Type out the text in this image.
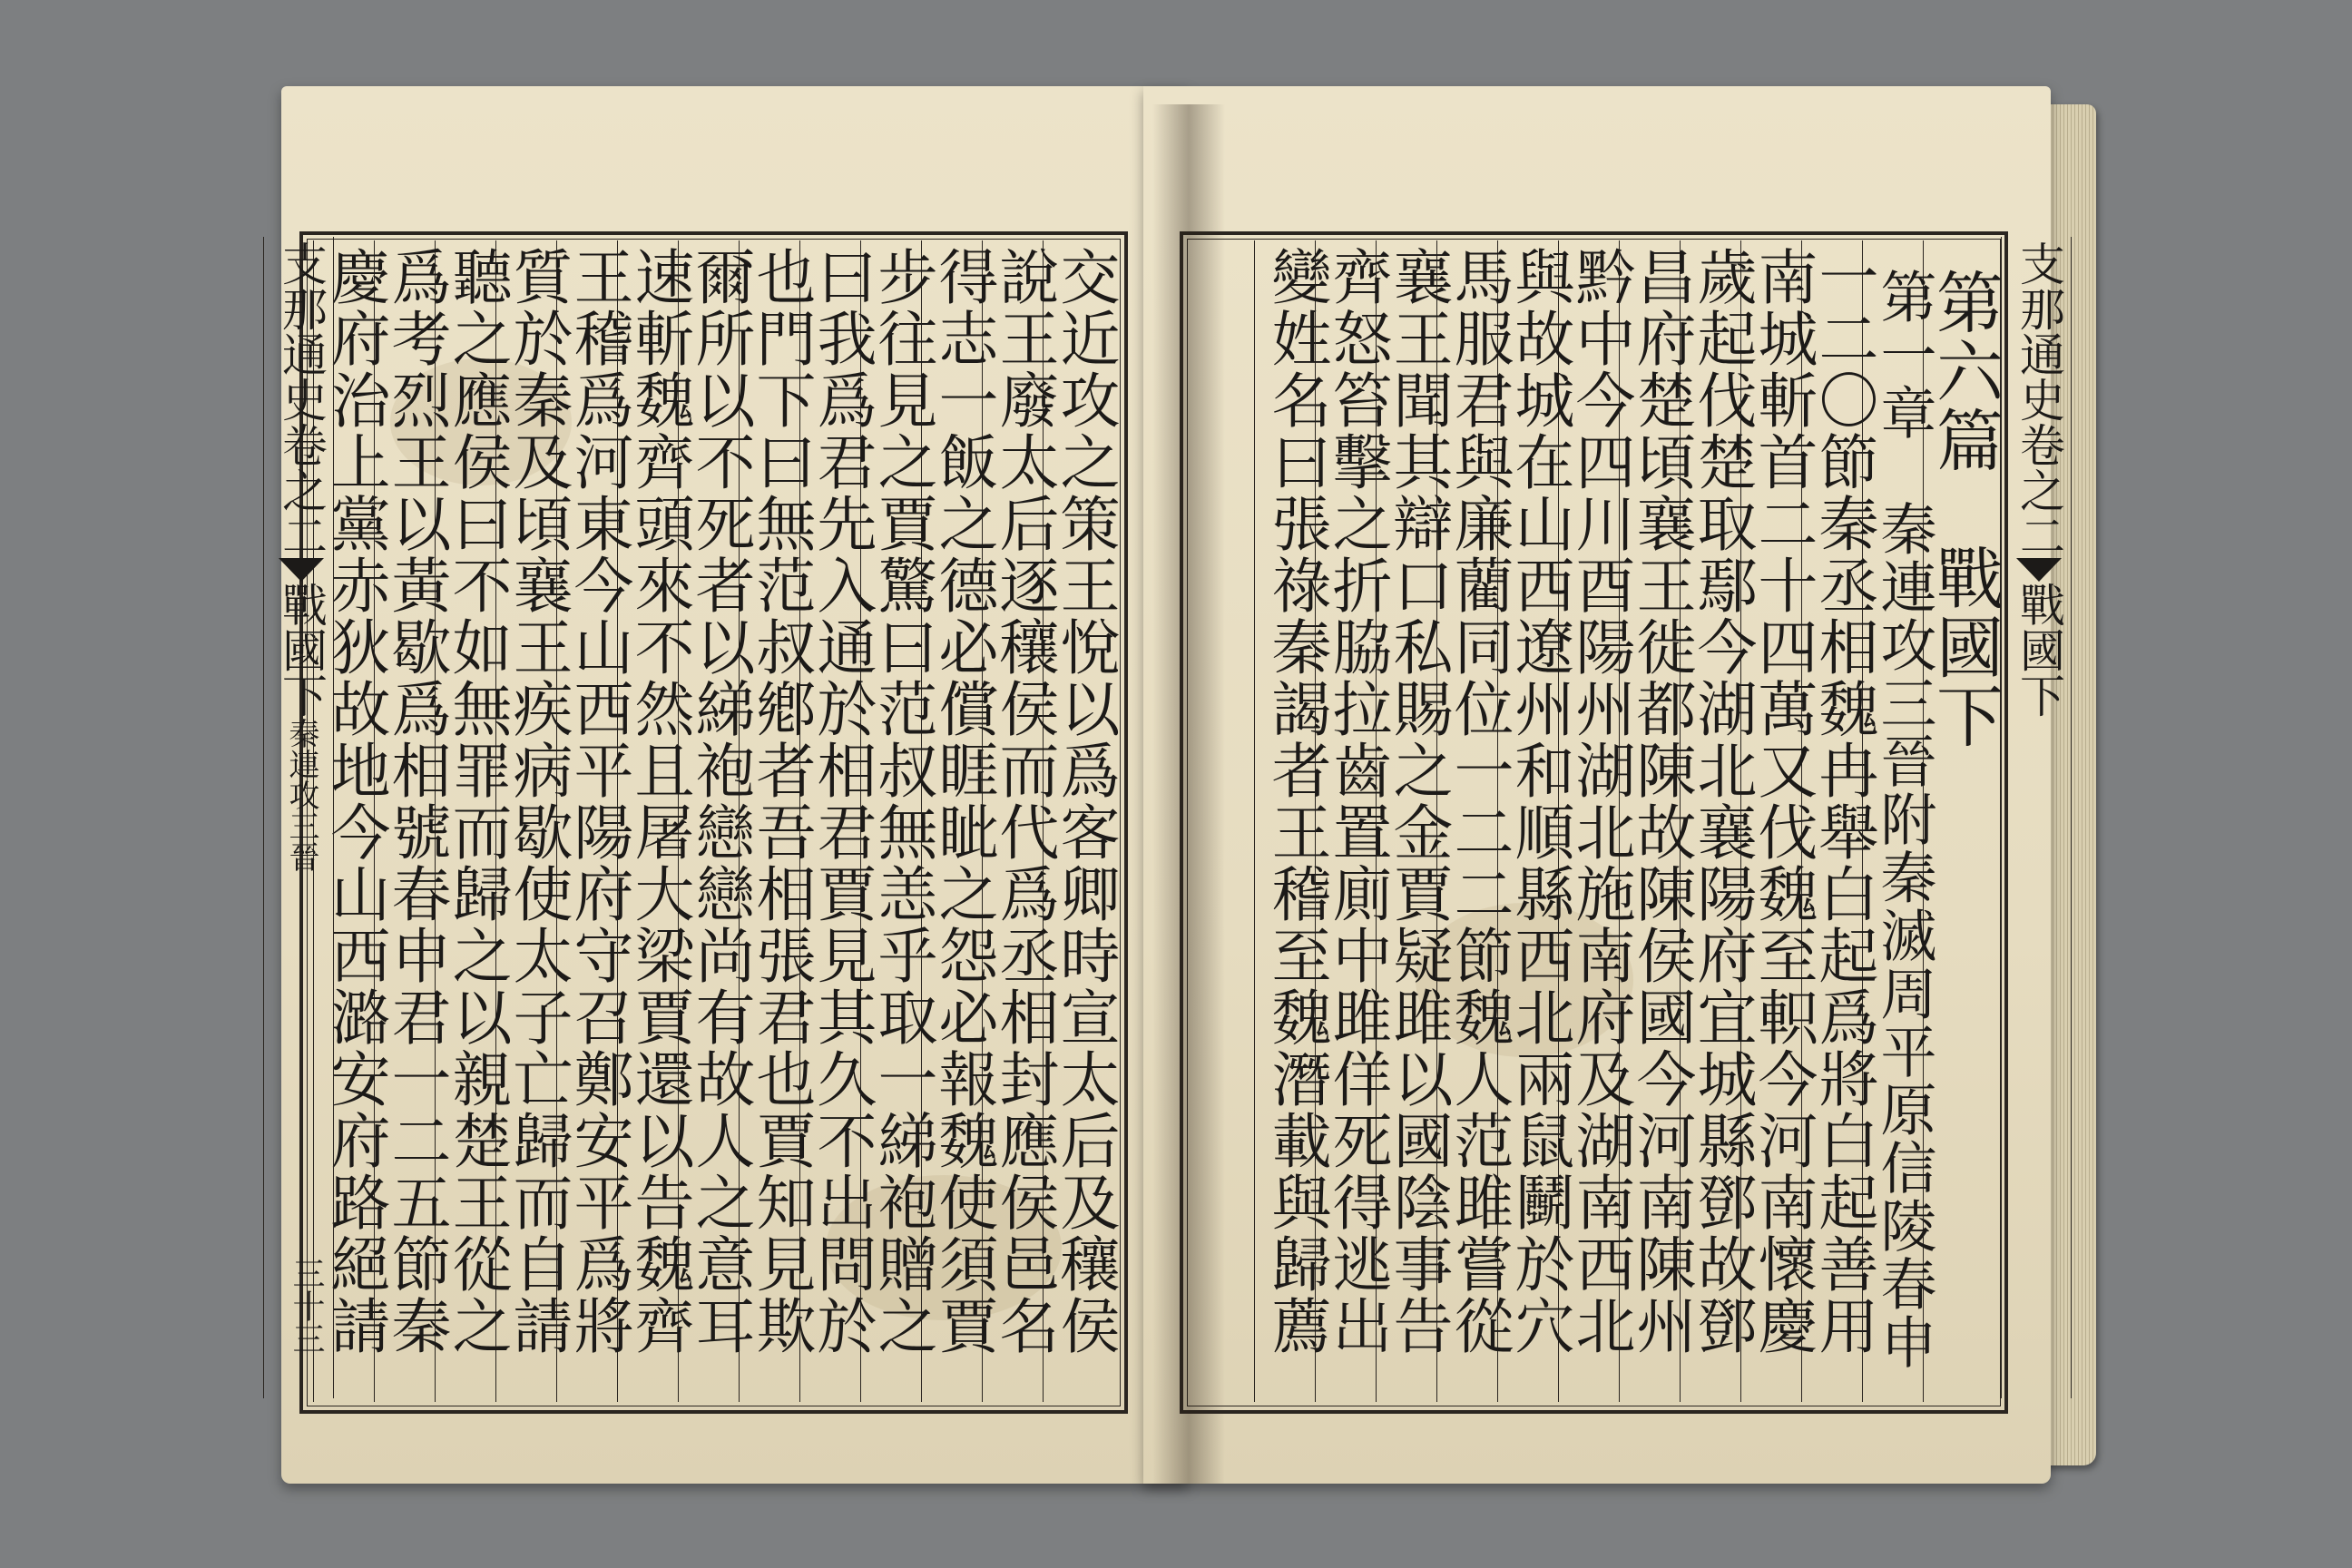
交近攻之策王悅以爲客卿時宣太后及穰侯
說王廢太后逐穰侯而代爲丞相封應侯邑名
得志一飯之德必償睚眦之怨必報魏使須賈
步往見之賈驚曰范叔無恙乎取一綈袍贈之
曰我爲君先入通於相君賈見其久不出問於
也門下曰無范叔鄕者吾相張君也賈知見欺
爾所以不死者以綈袍戀戀尚有故人之意耳
速斬魏齊頭來不然且屠大梁賈還以告魏齊
王稽爲河東今山西平陽府守召鄭安平爲將
質於秦及頃襄王疾病歇使太子亡歸而自請
聽之應侯曰不如無罪而歸之以親楚王從之
爲考烈王以黃歇爲相號春申君一二五節秦
慶府治上黨赤狄故地今山西潞安府路絕請
支那通史卷之二戰國下秦連攻三晉
三十三
第六篇　戰國下
第一章　秦連攻三晉附秦滅周平原信陵春申
一二〇節秦丞相魏冉舉白起爲將白起善用
南城斬首二十四萬又伐魏至軹今河南懷慶
歲起伐楚取鄢今湖北襄陽府宜城縣鄧故鄧
昌府楚頃襄王徙都陳故陳侯國今河南陳州
黔中今四川酉陽州湖北施南府及湖南西北
與故城在山西遼州和順縣西北兩鼠鬭於穴
馬服君與廉藺同位一二二節魏人范雎嘗從
襄王聞其辯口私賜之金賈疑雎以國陰事告
齊怒笞擊之折脇拉齒置廁中雎佯死得逃出
變姓名曰張祿秦謁者王稽至魏潛載與歸薦
支那通史卷之二戰國下
